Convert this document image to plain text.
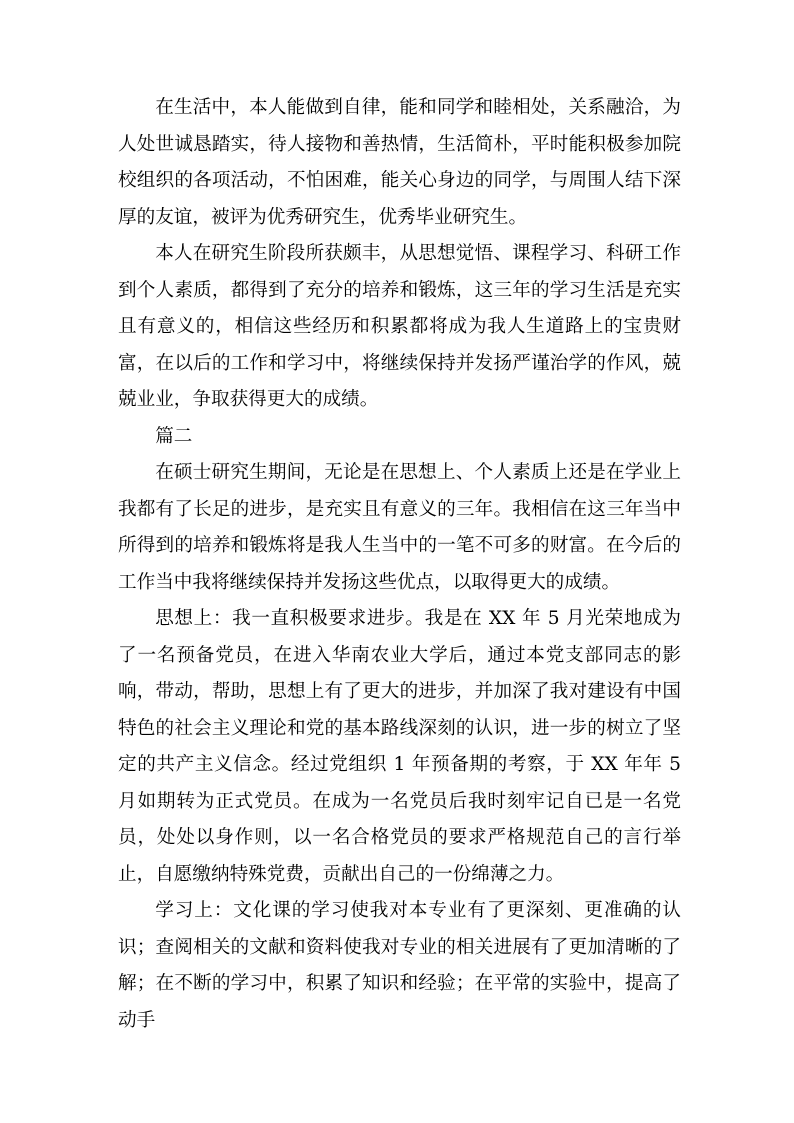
在生活中，本人能做到自律，能和同学和睦相处，关系融洽，为人处世诚恳踏实，待人接物和善热情，生活简朴，平时能积极参加院校组织的各项活动，不怕困难，能关心身边的同学，与周围人结下深厚的友谊，被评为优秀研究生，优秀毕业研究生。

本人在研究生阶段所获颇丰，从思想觉悟、课程学习、科研工作到个人素质，都得到了充分的培养和锻炼，这三年的学习生活是充实且有意义的，相信这些经历和积累都将成为我人生道路上的宝贵财富，在以后的工作和学习中，将继续保持并发扬严谨治学的作风，兢兢业业，争取获得更大的成绩。

篇二

在硕士研究生期间，无论是在思想上、个人素质上还是在学业上我都有了长足的进步，是充实且有意义的三年。我相信在这三年当中所得到的培养和锻炼将是我人生当中的一笔不可多的财富。在今后的工作当中我将继续保持并发扬这些优点，以取得更大的成绩。

思想上：我一直积极要求进步。我是在 XX 年 5 月光荣地成为了一名预备党员，在进入华南农业大学后，通过本党支部同志的影响，带动，帮助，思想上有了更大的进步，并加深了我对建设有中国特色的社会主义理论和党的基本路线深刻的认识，进一步的树立了坚定的共产主义信念。经过党组织 1 年预备期的考察，于 XX 年年 5 月如期转为正式党员。在成为一名党员后我时刻牢记自已是一名党员，处处以身作则，以一名合格党员的要求严格规范自己的言行举止，自愿缴纳特殊党费，贡献出自己的一份绵薄之力。

学习上：文化课的学习使我对本专业有了更深刻、更准确的认识；查阅相关的文献和资料使我对专业的相关进展有了更加清晰的了解；在不断的学习中，积累了知识和经验；在平常的实验中，提高了动手
